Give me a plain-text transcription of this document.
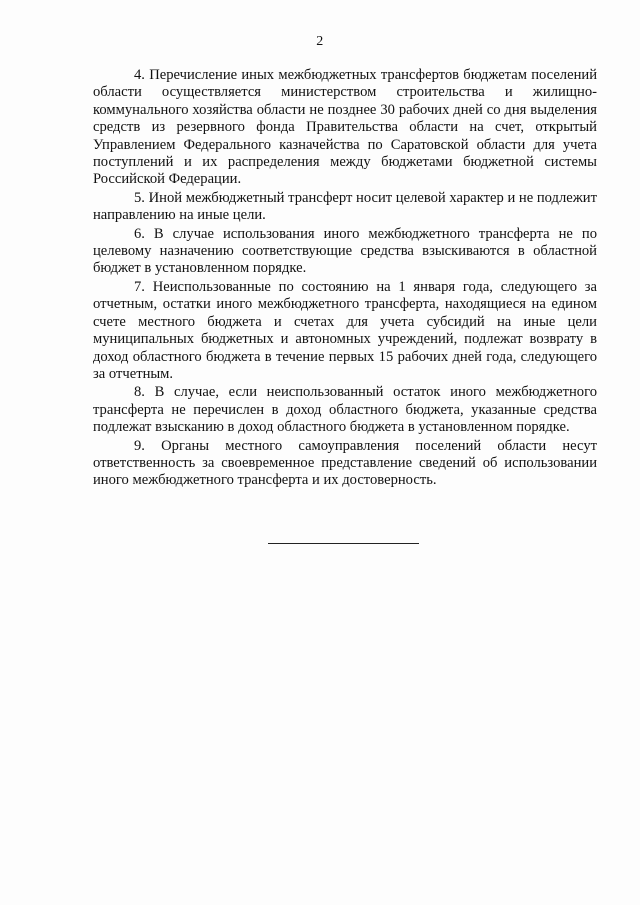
2

4. Перечисление иных межбюджетных трансфертов бюджетам поселений области осуществляется министерством строительства и жилищно-коммунального хозяйства области не позднее 30 рабочих дней со дня выделения средств из резервного фонда Правительства области на счет, открытый Управлением Федерального казначейства по Саратовской области для учета поступлений и их распределения между бюджетами бюджетной системы Российской Федерации.

5. Иной межбюджетный трансферт носит целевой характер и не подлежит направлению на иные цели.

6. В случае использования иного межбюджетного трансферта не по целевому назначению соответствующие средства взыскиваются в областной бюджет в установленном порядке.

7. Неиспользованные по состоянию на 1 января года, следующего за отчетным, остатки иного межбюджетного трансферта, находящиеся на едином счете местного бюджета и счетах для учета субсидий на иные цели муниципальных бюджетных и автономных учреждений, подлежат возврату в доход областного бюджета в течение первых 15 рабочих дней года, следующего за отчетным.

8. В случае, если неиспользованный остаток иного межбюджетного трансферта не перечислен в доход областного бюджета, указанные средства подлежат взысканию в доход областного бюджета в установленном порядке.

9. Органы местного самоуправления поселений области несут ответственность за своевременное представление сведений об использовании иного межбюджетного трансферта и их достоверность.
